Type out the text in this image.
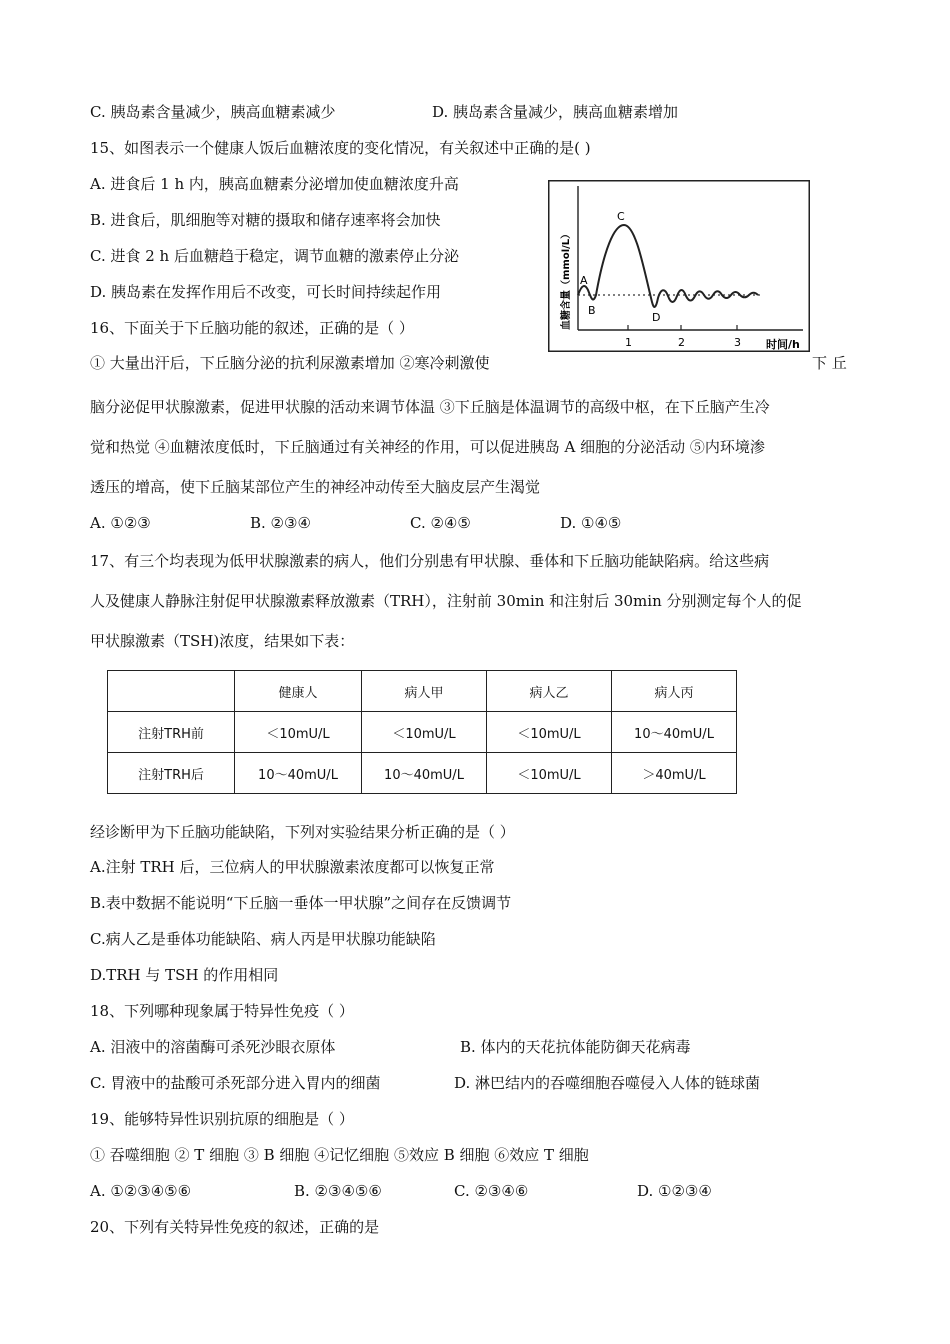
C. 胰岛素含量减少，胰高血糖素减少	D. 胰岛素含量减少，胰高血糖素增加
15、如图表示一个健康人饭后血糖浓度的变化情况，有关叙述中正确的是( )
A. 进食后 1 h 内，胰高血糖素分泌增加使血糖浓度升高
B. 进食后，肌细胞等对糖的摄取和储存速率将会加快
C. 进食 2 h 后血糖趋于稳定，调节血糖的激素停止分泌
D. 胰岛素在发挥作用后不改变，可长时间持续起作用
A
B
C
D
1	2	3 时间/h
血糖含量（mmol/L）
16、下面关于下丘脑功能的叙述，正确的是（ ）
① 大量出汗后，下丘脑分泌的抗利尿激素增加 ②寒冷刺激使	下 丘
脑分泌促甲状腺激素，促进甲状腺的活动来调节体温 ③下丘脑是体温调节的高级中枢，在下丘脑产生冷
觉和热觉 ④血糖浓度低时，下丘脑通过有关神经的作用，可以促进胰岛 A 细胞的分泌活动 ⑤内环境渗
透压的增高，使下丘脑某部位产生的神经冲动传至大脑皮层产生渴觉
A. ①②③	B. ②③④	C. ②④⑤	D. ①④⑤
17、有三个均表现为低甲状腺激素的病人，他们分别患有甲状腺、垂体和下丘脑功能缺陷病。给这些病
人及健康人静脉注射促甲状腺激素释放激素（TRH），注射前 30min 和注射后 30min 分别测定每个人的促
甲状腺激素（TSH)浓度，结果如下表：
	健康人	病人甲	病人乙	病人丙
注射TRH前	＜10mU/L	＜10mU/L	＜10mU/L	10～40mU/L
注射TRH后	10～40mU/L	10～40mU/L	＜10mU/L	＞40mU/L
经诊断甲为下丘脑功能缺陷，下列对实验结果分析正确的是（ ）
A.注射 TRH 后，三位病人的甲状腺激素浓度都可以恢复正常
B.表中数据不能说明“下丘脑一垂体一甲状腺”之间存在反馈调节
C.病人乙是垂体功能缺陷、病人丙是甲状腺功能缺陷
D.TRH 与 TSH 的作用相同
18、下列哪种现象属于特异性免疫（ ）
A. 泪液中的溶菌酶可杀死沙眼衣原体	B. 体内的天花抗体能防御天花病毒
C. 胃液中的盐酸可杀死部分进入胃内的细菌	D. 淋巴结内的吞噬细胞吞噬侵入人体的链球菌
19、能够特异性识别抗原的细胞是（ ）
① 吞噬细胞 ② T 细胞 ③ B 细胞 ④记忆细胞 ⑤效应 B 细胞 ⑥效应 T 细胞
A. ①②③④⑤⑥	B. ②③④⑤⑥	C. ②③④⑥	D. ①②③④
20、下列有关特异性免疫的叙述，正确的是
